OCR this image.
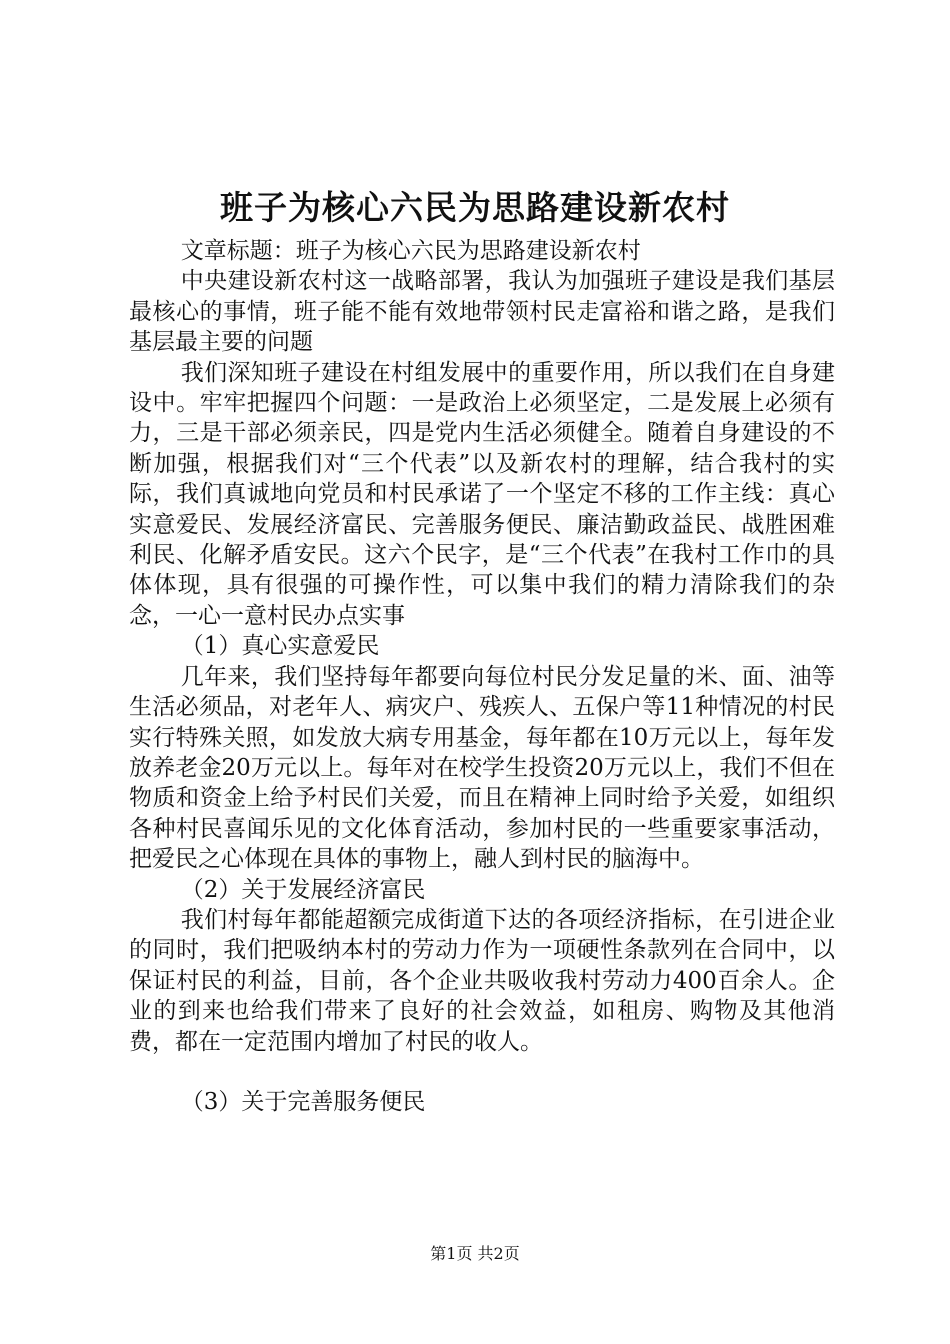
班子为核心六民为思路建设新农村

文章标题：班子为核心六民为思路建设新农村

中央建设新农村这一战略部署，我认为加强班子建设是我们基层最核心的事情，班子能不能有效地带领村民走富裕和谐之路，是我们基层最主要的问题

我们深知班子建设在村组发展中的重要作用，所以我们在自身建设中。牢牢把握四个问题：一是政治上必须坚定，二是发展上必须有力，三是干部必须亲民，四是党内生活必须健全。随着自身建设的不断加强，根据我们对“三个代表”以及新农村的理解，结合我村的实际，我们真诚地向党员和村民承诺了一个坚定不移的工作主线：真心实意爱民、发展经济富民、完善服务便民、廉洁勤政益民、战胜困难利民、化解矛盾安民。这六个民字，是“三个代表”在我村工作巾的具体体现，具有很强的可操作性，可以集中我们的精力清除我们的杂念，一心一意村民办点实事

（1）真心实意爱民

几年来，我们坚持每年都要向每位村民分发足量的米、面、油等生活必须品，对老年人、病灾户、残疾人、五保户等11种情况的村民实行特殊关照，如发放大病专用基金，每年都在10万元以上，每年发放养老金20万元以上。每年对在校学生投资20万元以上，我们不但在物质和资金上给予村民们关爱，而且在精神上同时给予关爱，如组织各种村民喜闻乐见的文化体育活动，参加村民的一些重要家事活动，把爱民之心体现在具体的事物上，融人到村民的脑海中。

（2）关于发展经济富民

我们村每年都能超额完成街道下达的各项经济指标，在引进企业的同时，我们把吸纳本村的劳动力作为一项硬性条款列在合同中，以保证村民的利益，目前，各个企业共吸收我村劳动力400百余人。企业的到来也给我们带来了良好的社会效益，如租房、购物及其他消费，都在一定范围内增加了村民的收人。

（3）关于完善服务便民

第1页 共2页
